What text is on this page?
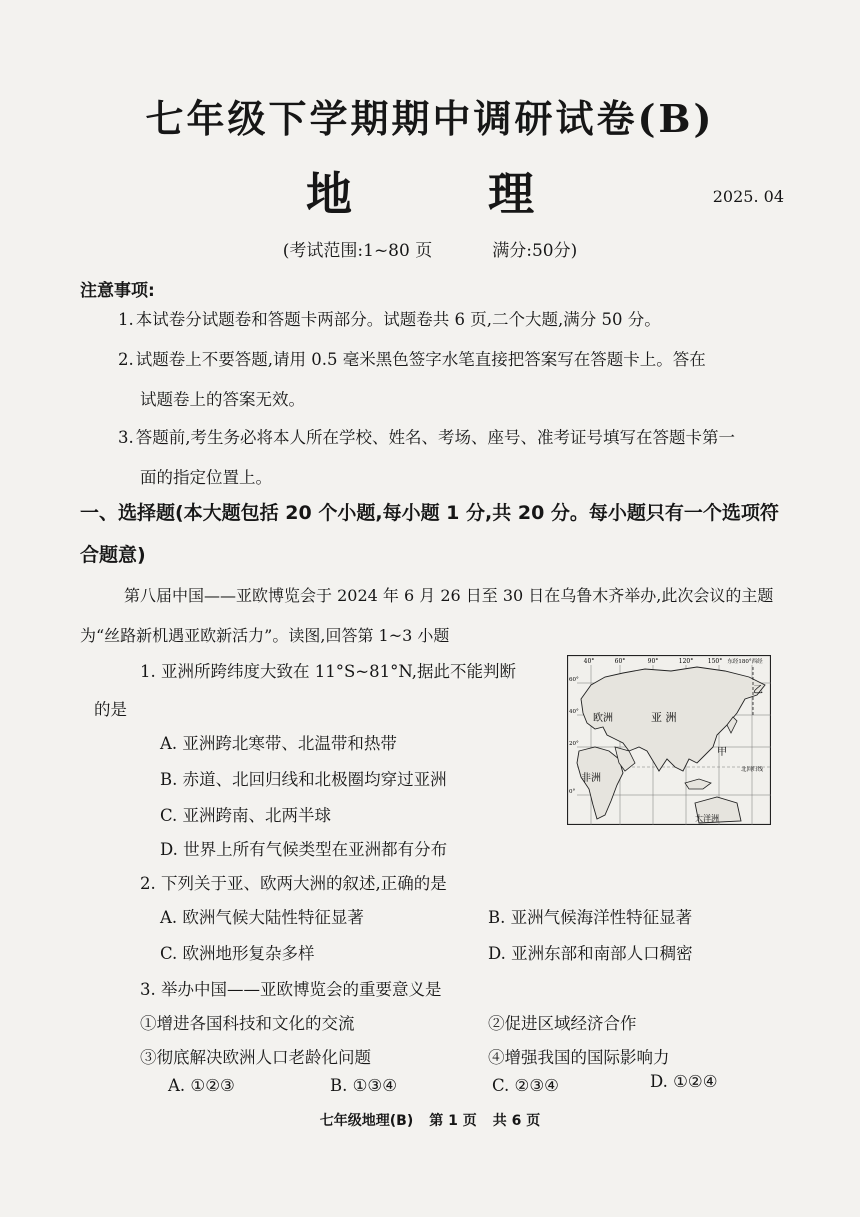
七年级下学期期中调研试卷(B)
地 理	2025. 04
(考试范围:1~80 页	满分:50分)
注意事项:
1. 本试卷分试题卷和答题卡两部分。试题卷共 6 页,二个大题,满分 50 分。
2. 试题卷上不要答题,请用 0.5 毫米黑色签字水笔直接把答案写在答题卡上。答在
试题卷上的答案无效。
3. 答题前,考生务必将本人所在学校、姓名、考场、座号、准考证号填写在答题卡第一
面的指定位置上。
一、选择题(本大题包括 20 个小题,每小题 1 分,共 20 分。每小题只有一个选项符合题意)
第八届中国——亚欧博览会于 2024 年 6 月 26 日至 30 日在乌鲁木齐举办,此次会议的主题为“丝路新机遇亚欧新活力”。读图,回答第 1~3 小题
1. 亚洲所跨纬度大致在 11°S~81°N,据此不能判断
的是
A. 亚洲跨北寒带、北温带和热带
B. 赤道、北回归线和北极圈均穿过亚洲
C. 亚洲跨南、北两半球
D. 世界上所有气候类型在亚洲都有分布
40°	60°	90°	120° 150° 东经180°西经
60°
40°
20°
0°
欧洲	亚 洲
非洲
大洋洲
甲
乙
北回归线
2. 下列关于亚、欧两大洲的叙述,正确的是
A. 欧洲气候大陆性特征显著	B. 亚洲气候海洋性特征显著
C. 欧洲地形复杂多样	D. 亚洲东部和南部人口稠密
3. 举办中国——亚欧博览会的重要意义是
①增进各国科技和文化的交流	②促进区域经济合作
③彻底解决欧洲人口老龄化问题	④增强我国的国际影响力
A. ①②③	B. ①③④	C. ②③④	D. ①②④
七年级地理(B) 第 1 页 共 6 页
